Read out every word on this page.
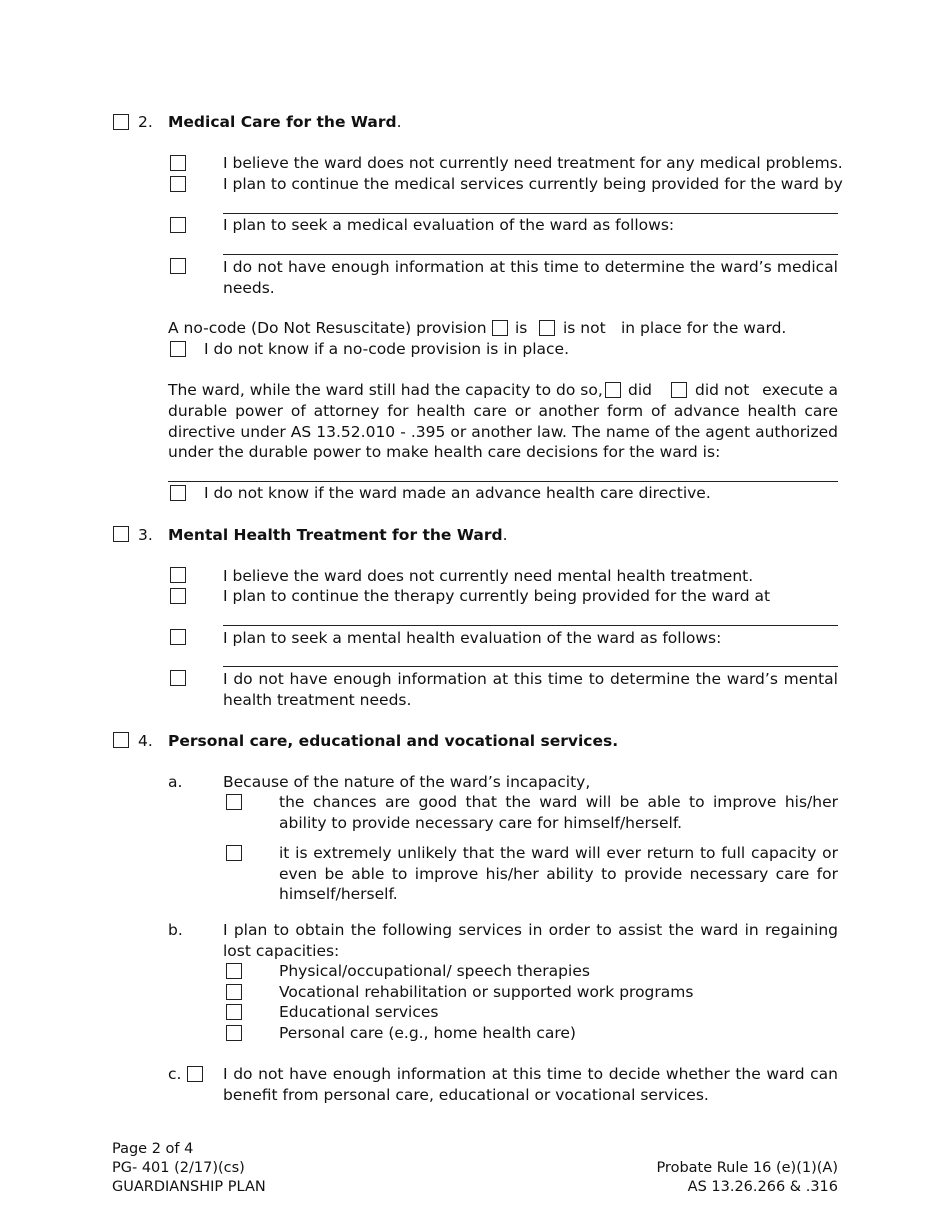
2. Medical Care for the Ward.
I believe the ward does not currently need treatment for any medical problems.
I plan to continue the medical services currently being provided for the ward by
I plan to seek a medical evaluation of the ward as follows:
I do not have enough information at this time to determine the ward’s medical needs.
A no-code (Do Not Resuscitate) provision is is not in place for the ward.
I do not know if a no-code provision is in place.
The ward, while the ward still had the capacity to do so, did	did not execute a
durable power of attorney for health care or another form of advance health care directive under AS 13.52.010 - .395 or another law. The name of the agent authorized under the durable power to make health care decisions for the ward is:
I do not know if the ward made an advance health care directive.
3. Mental Health Treatment for the Ward.
I believe the ward does not currently need mental health treatment.
I plan to continue the therapy currently being provided for the ward at
I plan to seek a mental health evaluation of the ward as follows:
I do not have enough information at this time to determine the ward’s mental health treatment needs.
4. Personal care, educational and vocational services.
a.	Because of the nature of the ward’s incapacity,
the chances are good that the ward will be able to improve his/her ability to provide necessary care for himself/herself.
it is extremely unlikely that the ward will ever return to full capacity or even be able to improve his/her ability to provide necessary care for himself/herself.
b.	I plan to obtain the following services in order to assist the ward in regaining lost capacities:
Physical/occupational/ speech therapies
Vocational rehabilitation or supported work programs
Educational services
Personal care (e.g., home health care)
c.	I do not have enough information at this time to decide whether the ward can benefit from personal care, educational or vocational services.
Page 2 of 4
PG- 401 (2/17)(cs)
GUARDIANSHIP PLAN
Probate Rule 16 (e)(1)(A)
AS 13.26.266 & .316
